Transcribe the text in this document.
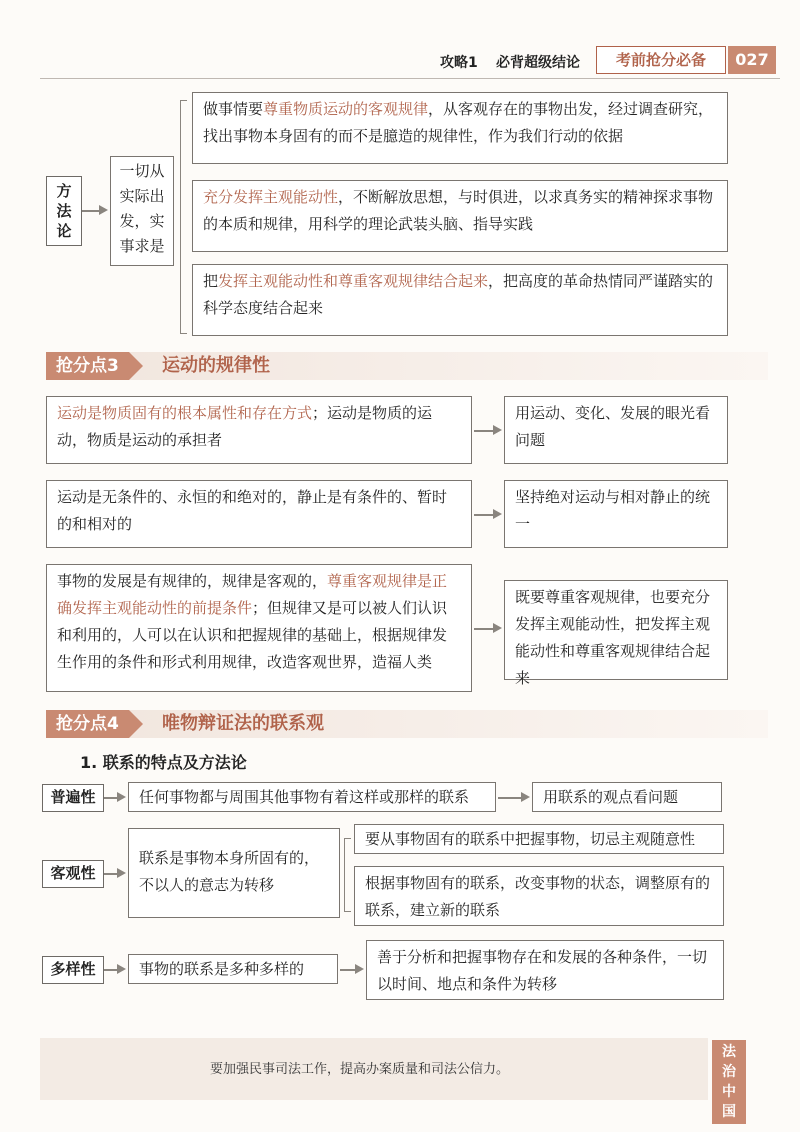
攻略1 必背超级结论	考前抢分必备	027
方法论
一切从实际出发，实事求是
做事情要尊重物质运动的客观规律，从客观存在的事物出发，经过调查研究，找出事物本身固有的而不是臆造的规律性，作为我们行动的依据
充分发挥主观能动性，不断解放思想，与时俱进，以求真务实的精神探求事物的本质和规律，用科学的理论武装头脑、指导实践
把发挥主观能动性和尊重客观规律结合起来，把高度的革命热情同严谨踏实的科学态度结合起来
抢分点3	运动的规律性
运动是物质固有的根本属性和存在方式；运动是物质的运动，物质是运动的承担者
用运动、变化、发展的眼光看问题
运动是无条件的、永恒的和绝对的，静止是有条件的、暂时的和相对的
坚持绝对运动与相对静止的统一
事物的发展是有规律的，规律是客观的，尊重客观规律是正确发挥主观能动性的前提条件；但规律又是可以被人们认识和利用的，人可以在认识和把握规律的基础上，根据规律发生作用的条件和形式利用规律，改造客观世界，造福人类
既要尊重客观规律，也要充分发挥主观能动性，把发挥主观能动性和尊重客观规律结合起来
抢分点4	唯物辩证法的联系观
1. 联系的特点及方法论
普遍性	任何事物都与周围其他事物有着这样或那样的联系	用联系的观点看问题
客观性
联系是事物本身所固有的，不以人的意志为转移
要从事物固有的联系中把握事物，切忌主观随意性
根据事物固有的联系，改变事物的状态，调整原有的联系，建立新的联系
多样性	事物的联系是多种多样的
善于分析和把握事物存在和发展的各种条件，一切以时间、地点和条件为转移
要加强民事司法工作，提高办案质量和司法公信力。
法治中国
